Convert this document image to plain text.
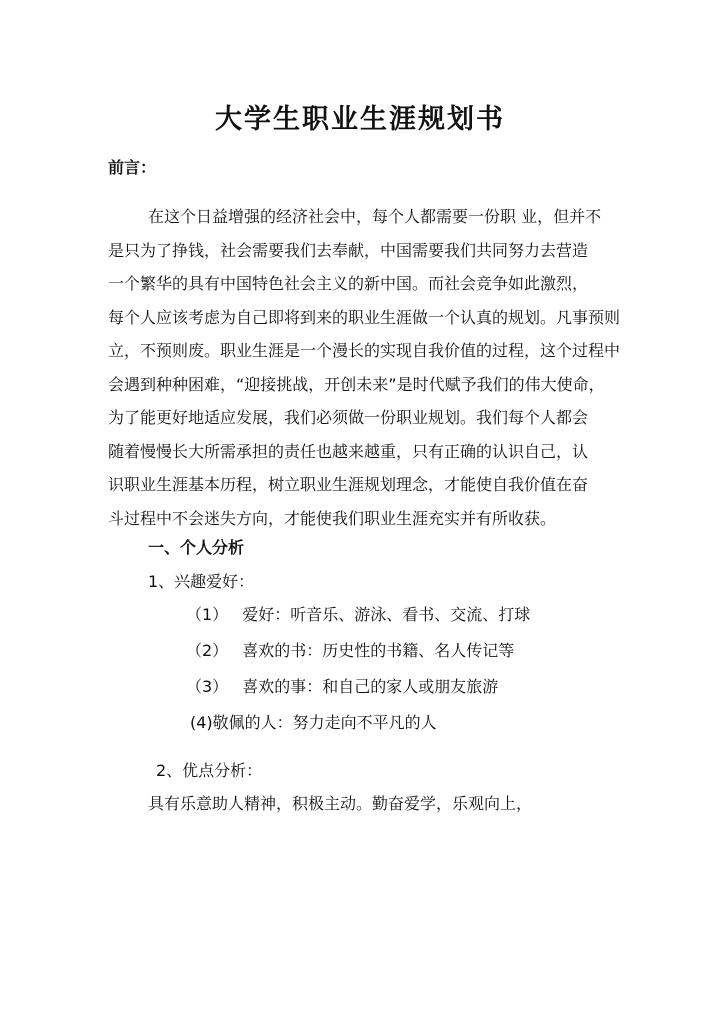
大学生职业生涯规划书
前言：
在这个日益增强的经济社会中，每个人都需要一份职 业，但并不
是只为了挣钱，社会需要我们去奉献，中国需要我们共同努力去营造
一个繁华的具有中国特色社会主义的新中国。而社会竞争如此激烈，
每个人应该考虑为自己即将到来的职业生涯做一个认真的规划。凡事预则
立，不预则废。职业生涯是一个漫长的实现自我价值的过程，这个过程中
会遇到种种困难，“迎接挑战，开创未来”是时代赋予我们的伟大使命，
为了能更好地适应发展，我们必须做一份职业规划。我们每个人都会
随着慢慢长大所需承担的责任也越来越重，只有正确的认识自己，认
识职业生涯基本历程，树立职业生涯规划理念，才能使自我价值在奋
斗过程中不会迷失方向，才能使我们职业生涯充实并有所收获。
一、个人分析
1、兴趣爱好：
（1） 爱好：听音乐、游泳、看书、交流、打球
（2） 喜欢的书：历史性的书籍、名人传记等
（3） 喜欢的事：和自己的家人或朋友旅游
(4)敬佩的人：努力走向不平凡的人
2、优点分析：
具有乐意助人精神，积极主动。勤奋爱学，乐观向上，
